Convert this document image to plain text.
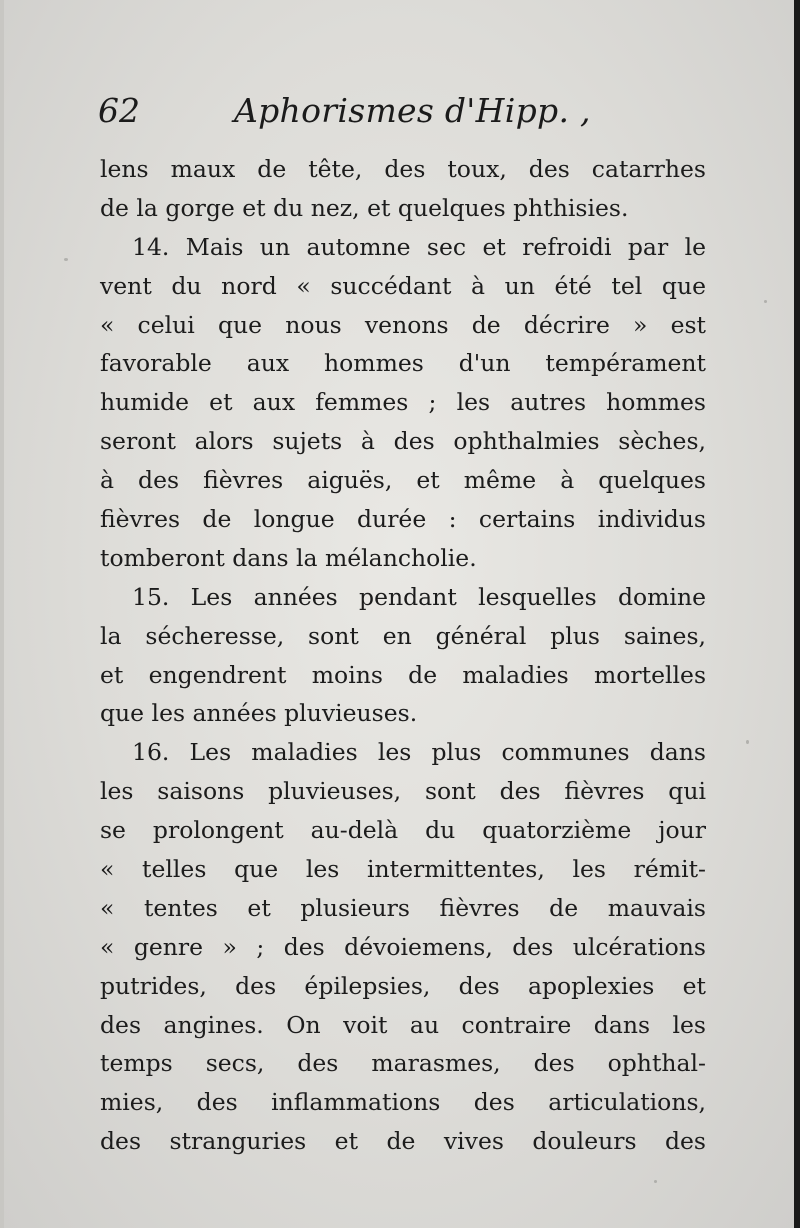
62	Aphorismes d'Hipp. ,
lens maux de tête, des toux, des catarrhes
de la gorge et du nez, et quelques phthisies.
14. Mais un automne sec et refroidi par le
vent du nord « succédant à un été tel que
« celui que nous venons de décrire » est
favorable aux hommes d'un tempérament
humide et aux femmes ; les autres hommes
seront alors sujets à des ophthalmies sèches,
à des fièvres aiguës, et même à quelques
fièvres de longue durée : certains individus
tomberont dans la mélancholie.
15. Les années pendant lesquelles domine
la sécheresse, sont en général plus saines,
et engendrent moins de maladies mortelles
que les années pluvieuses.
16. Les maladies les plus communes dans
les saisons pluvieuses, sont des fièvres qui
se prolongent au-delà du quatorzième jour
« telles que les intermittentes, les rémit-
« tentes et plusieurs fièvres de mauvais
« genre » ; des dévoiemens, des ulcérations
putrides, des épilepsies, des apoplexies et
des angines. On voit au contraire dans les
temps secs, des marasmes, des ophthal-
mies, des inflammations des articulations,
des stranguries et de vives douleurs des
